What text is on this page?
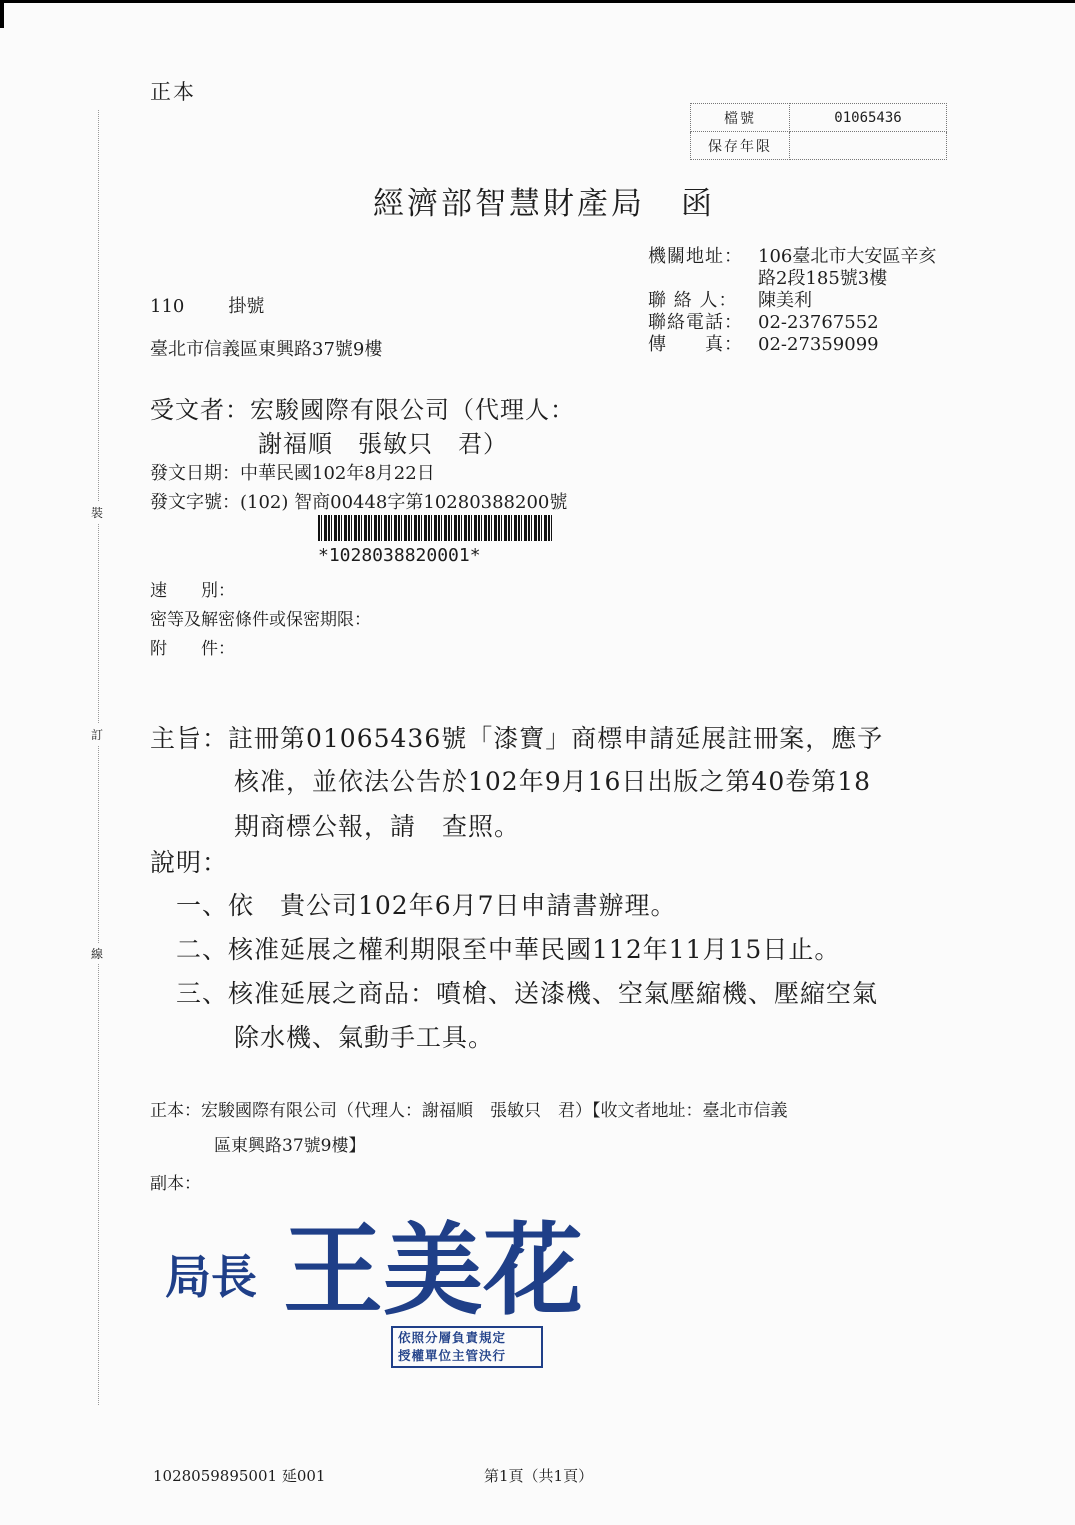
裝
訂
線
正本
檔號	01065436
保存年限	
經濟部智慧財產局 函
機關地址： 106臺北市大安區辛亥
路2段185號3樓
聯 絡 人：	陳美利
聯絡電話： 02-23767552
傳　　真： 02-27359099
110 掛號
臺北市信義區東興路37號9樓
受文者：宏駿國際有限公司（代理人：
謝福順　張敏只　君）
發文日期：中華民國102年8月22日
發文字號：(102) 智商00448字第10280388200號
*1028038820001*
速　　別：
密等及解密條件或保密期限：
附　　件：
主旨：註冊第01065436號「漆寶」商標申請延展註冊案，應予
核准，並依法公告於102年9月16日出版之第40卷第18
期商標公報，請　查照。
說明：
一、依　貴公司102年6月7日申請書辦理。
二、核准延展之權利期限至中華民國112年11月15日止。
三、核准延展之商品：噴槍、送漆機、空氣壓縮機、壓縮空氣
除水機、氣動手工具。
正本：宏駿國際有限公司（代理人：謝福順　張敏只　君）【收文者地址：臺北市信義
區東興路37號9樓】
副本：
局長 王美花
依照分層負責規定
授權單位主管決行
1028059895001 延001	第1頁（共1頁）
